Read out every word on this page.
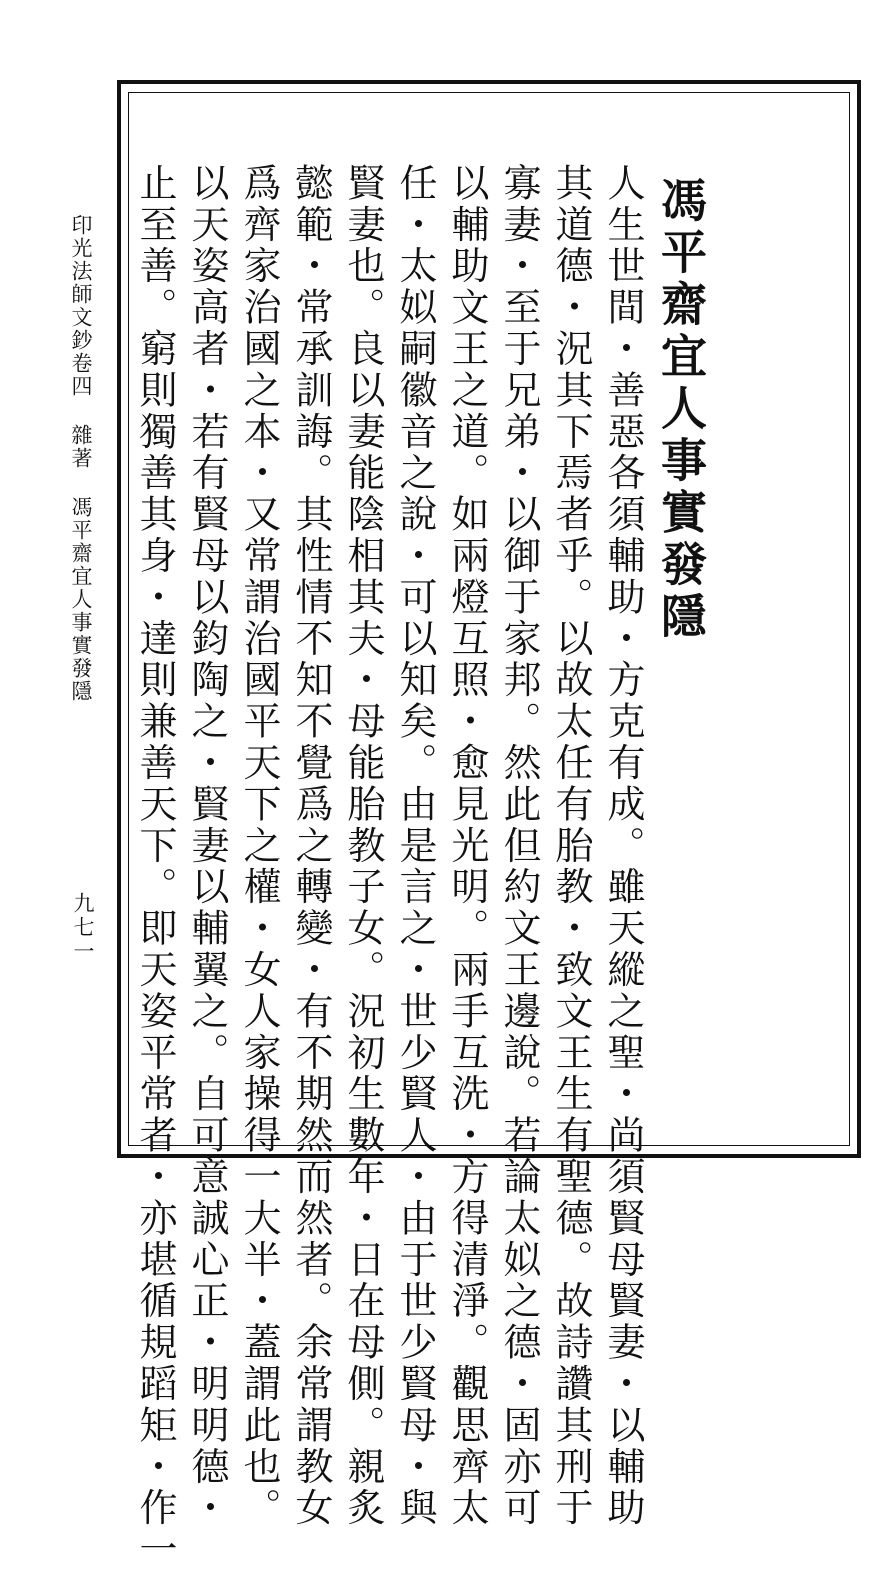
馮平齋宜人事實發隱
人生世間・善惡各須輔助・方克有成。雖天縱之聖・尚須賢母賢妻・以輔助
其道德・況其下焉者乎。以故太任有胎教・致文王生有聖德。故詩讚其刑于
寡妻・至于兄弟・以御于家邦。然此但約文王邊說。若論太姒之德・固亦可
以輔助文王之道。如兩燈互照・愈見光明。兩手互洗・方得清淨。觀思齊太
任・太姒嗣徽音之說・可以知矣。由是言之・世少賢人・由于世少賢母・與
賢妻也。良以妻能陰相其夫・母能胎教子女。況初生數年・日在母側。親炙
懿範・常承訓誨。其性情不知不覺爲之轉變・有不期然而然者。余常謂教女
爲齊家治國之本・又常謂治國平天下之權・女人家操得一大半・蓋謂此也。
以天姿高者・若有賢母以鈞陶之・賢妻以輔翼之。自可意誠心正・明明德・
止至善。窮則獨善其身・達則兼善天下。即天姿平常者・亦堪循規蹈矩・作一
印光法師文鈔卷四雜著馮平齋宜人事實發隱
九七一
